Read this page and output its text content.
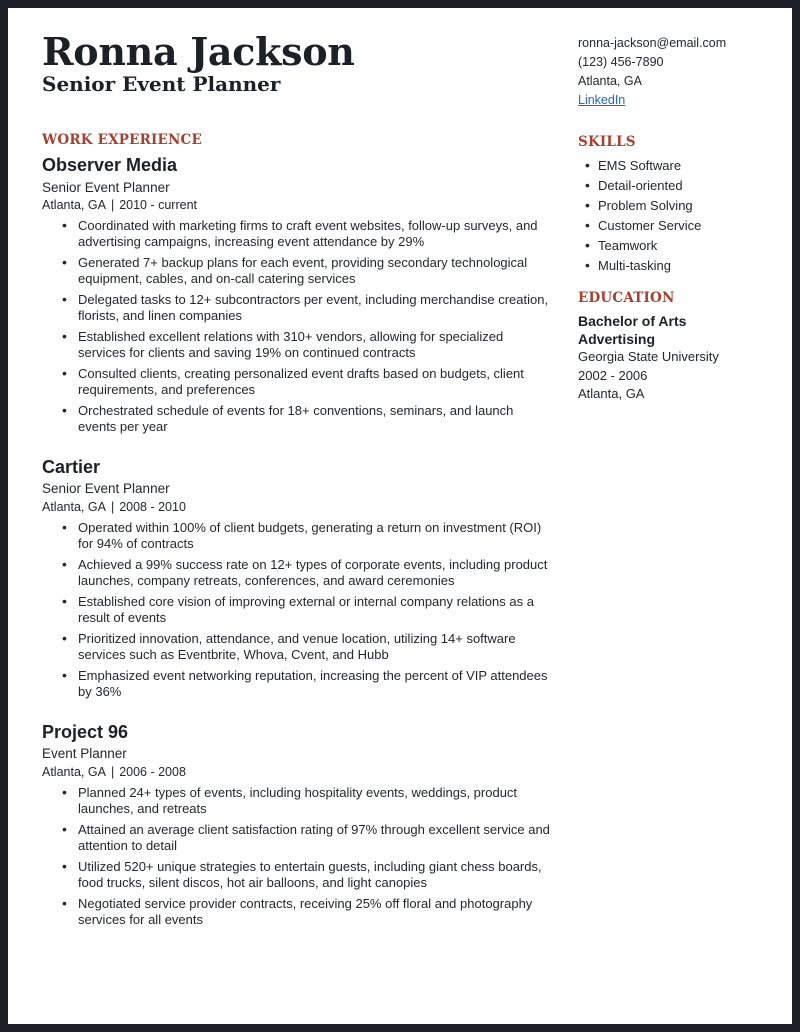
Ronna Jackson
Senior Event Planner
ronna-jackson@email.com
(123) 456-7890
Atlanta, GA
LinkedIn
WORK EXPERIENCE
Observer Media
Senior Event Planner
Atlanta, GA | 2010 - current
• Coordinated with marketing firms to craft event websites, follow-up surveys, and advertising campaigns, increasing event attendance by 29%
• Generated 7+ backup plans for each event, providing secondary technological equipment, cables, and on-call catering services
• Delegated tasks to 12+ subcontractors per event, including merchandise creation, florists, and linen companies
• Established excellent relations with 310+ vendors, allowing for specialized services for clients and saving 19% on continued contracts
• Consulted clients, creating personalized event drafts based on budgets, client requirements, and preferences
• Orchestrated schedule of events for 18+ conventions, seminars, and launch events per year
Cartier
Senior Event Planner
Atlanta, GA | 2008 - 2010
• Operated within 100% of client budgets, generating a return on investment (ROI) for 94% of contracts
• Achieved a 99% success rate on 12+ types of corporate events, including product launches, company retreats, conferences, and award ceremonies
• Established core vision of improving external or internal company relations as a result of events
• Prioritized innovation, attendance, and venue location, utilizing 14+ software services such as Eventbrite, Whova, Cvent, and Hubb
• Emphasized event networking reputation, increasing the percent of VIP attendees by 36%
Project 96
Event Planner
Atlanta, GA | 2006 - 2008
• Planned 24+ types of events, including hospitality events, weddings, product launches, and retreats
• Attained an average client satisfaction rating of 97% through excellent service and attention to detail
• Utilized 520+ unique strategies to entertain guests, including giant chess boards, food trucks, silent discos, hot air balloons, and light canopies
• Negotiated service provider contracts, receiving 25% off floral and photography services for all events
SKILLS
• EMS Software
• Detail-oriented
• Problem Solving
• Customer Service
• Teamwork
• Multi-tasking
EDUCATION
Bachelor of Arts
Advertising
Georgia State University
2002 - 2006
Atlanta, GA
